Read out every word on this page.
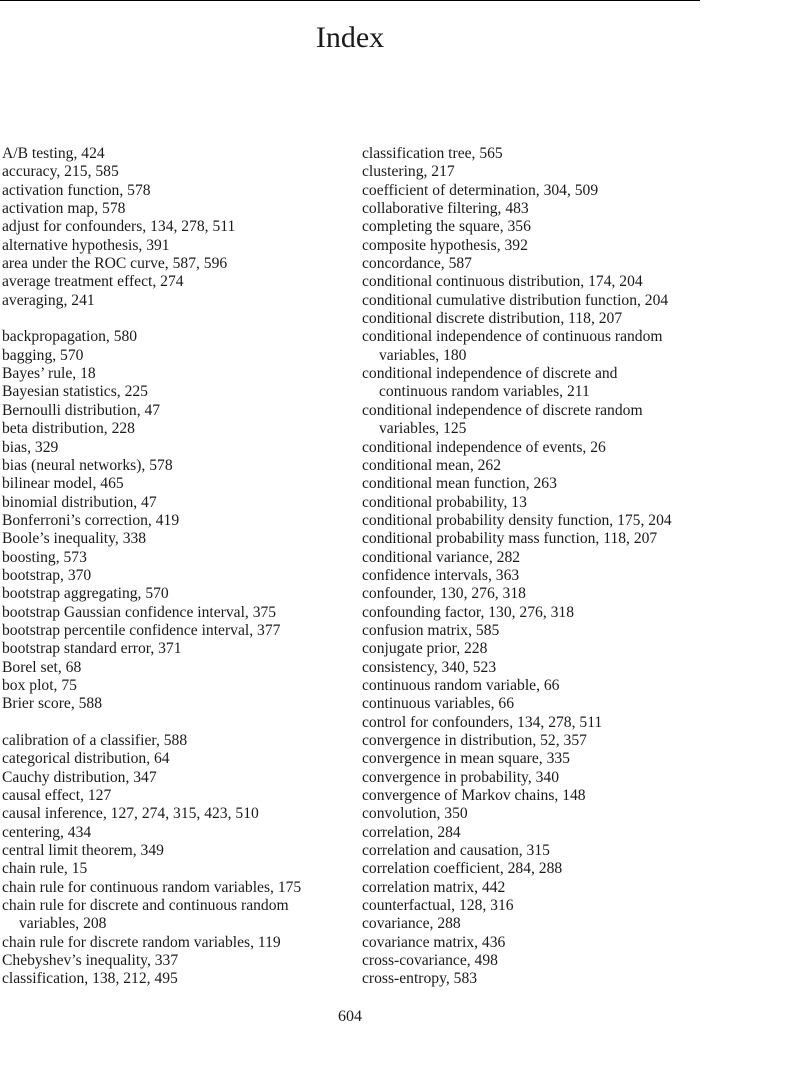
Index
A/B testing, 424
accuracy, 215, 585
activation function, 578
activation map, 578
adjust for confounders, 134, 278, 511
alternative hypothesis, 391
area under the ROC curve, 587, 596
average treatment effect, 274
averaging, 241
backpropagation, 580
bagging, 570
Bayes’ rule, 18
Bayesian statistics, 225
Bernoulli distribution, 47
beta distribution, 228
bias, 329
bias (neural networks), 578
bilinear model, 465
binomial distribution, 47
Bonferroni’s correction, 419
Boole’s inequality, 338
boosting, 573
bootstrap, 370
bootstrap aggregating, 570
bootstrap Gaussian confidence interval, 375
bootstrap percentile confidence interval, 377
bootstrap standard error, 371
Borel set, 68
box plot, 75
Brier score, 588
calibration of a classifier, 588
categorical distribution, 64
Cauchy distribution, 347
causal effect, 127
causal inference, 127, 274, 315, 423, 510
centering, 434
central limit theorem, 349
chain rule, 15
chain rule for continuous random variables, 175
chain rule for discrete and continuous random
variables, 208
chain rule for discrete random variables, 119
Chebyshev’s inequality, 337
classification, 138, 212, 495
classification tree, 565
clustering, 217
coefficient of determination, 304, 509
collaborative filtering, 483
completing the square, 356
composite hypothesis, 392
concordance, 587
conditional continuous distribution, 174, 204
conditional cumulative distribution function, 204
conditional discrete distribution, 118, 207
conditional independence of continuous random
variables, 180
conditional independence of discrete and
continuous random variables, 211
conditional independence of discrete random
variables, 125
conditional independence of events, 26
conditional mean, 262
conditional mean function, 263
conditional probability, 13
conditional probability density function, 175, 204
conditional probability mass function, 118, 207
conditional variance, 282
confidence intervals, 363
confounder, 130, 276, 318
confounding factor, 130, 276, 318
confusion matrix, 585
conjugate prior, 228
consistency, 340, 523
continuous random variable, 66
continuous variables, 66
control for confounders, 134, 278, 511
convergence in distribution, 52, 357
convergence in mean square, 335
convergence in probability, 340
convergence of Markov chains, 148
convolution, 350
correlation, 284
correlation and causation, 315
correlation coefficient, 284, 288
correlation matrix, 442
counterfactual, 128, 316
covariance, 288
covariance matrix, 436
cross-covariance, 498
cross-entropy, 583
604
